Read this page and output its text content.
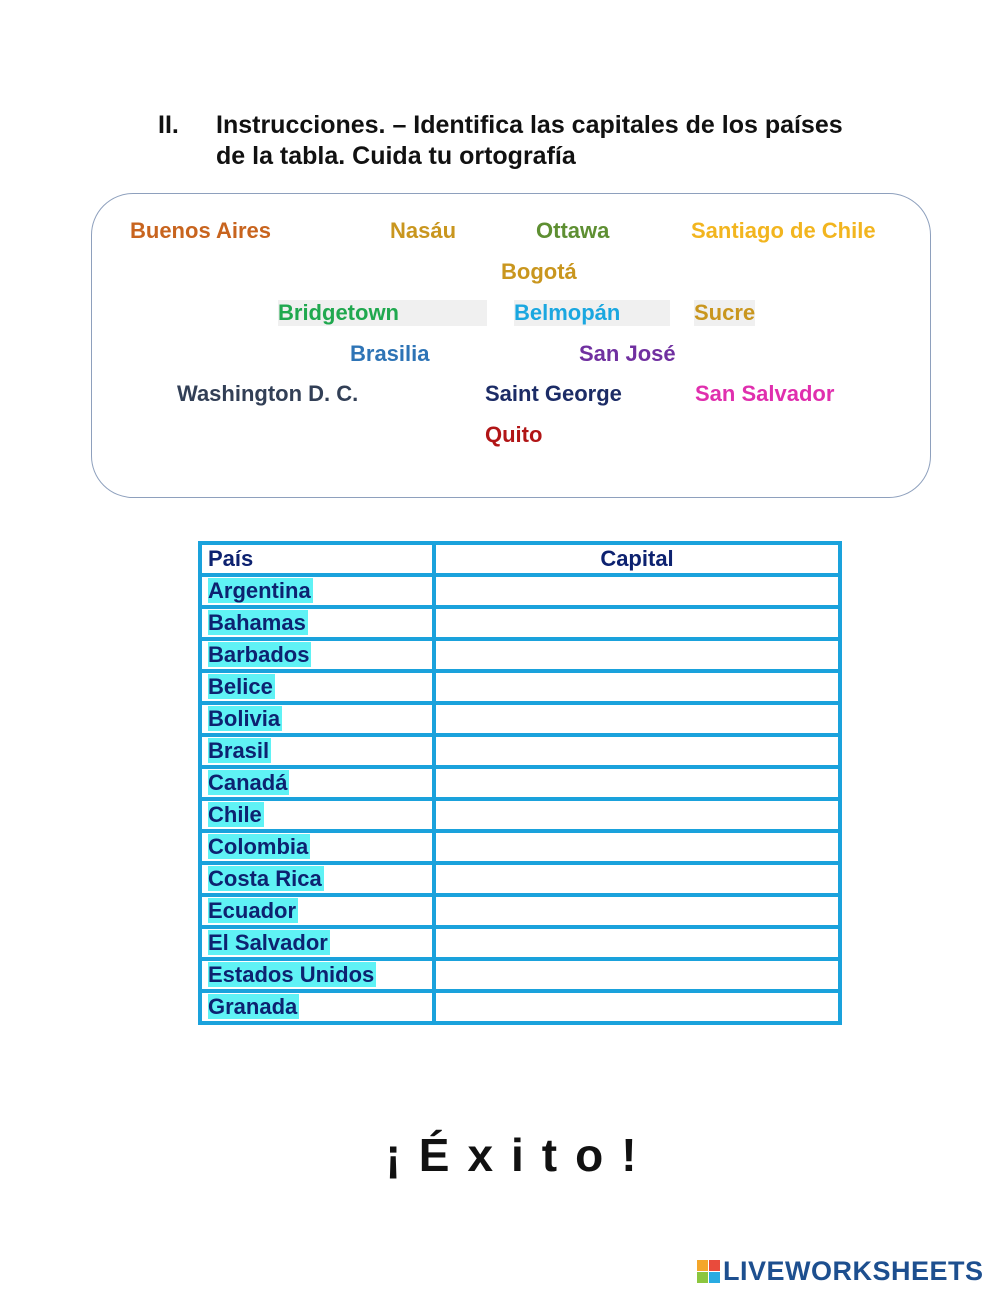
II. Instrucciones. – Identifica las capitales de los países de la tabla. Cuida tu ortografía
Buenos Aires	Nasáu	Ottawa	Santiago de Chile
Bogotá
Bridgetown	Belmopán	Sucre
Brasilia	San José
Washington D. C.	Saint George	San Salvador
Quito
País	Capital
Argentina	
Bahamas	
Barbados	
Belice	
Bolivia	
Brasil	
Canadá	
Chile	
Colombia	
Costa Rica	
Ecuador	
El Salvador	
Estados Unidos	
Granada	
¡Éxito!
LIVEWORKSHEETS
